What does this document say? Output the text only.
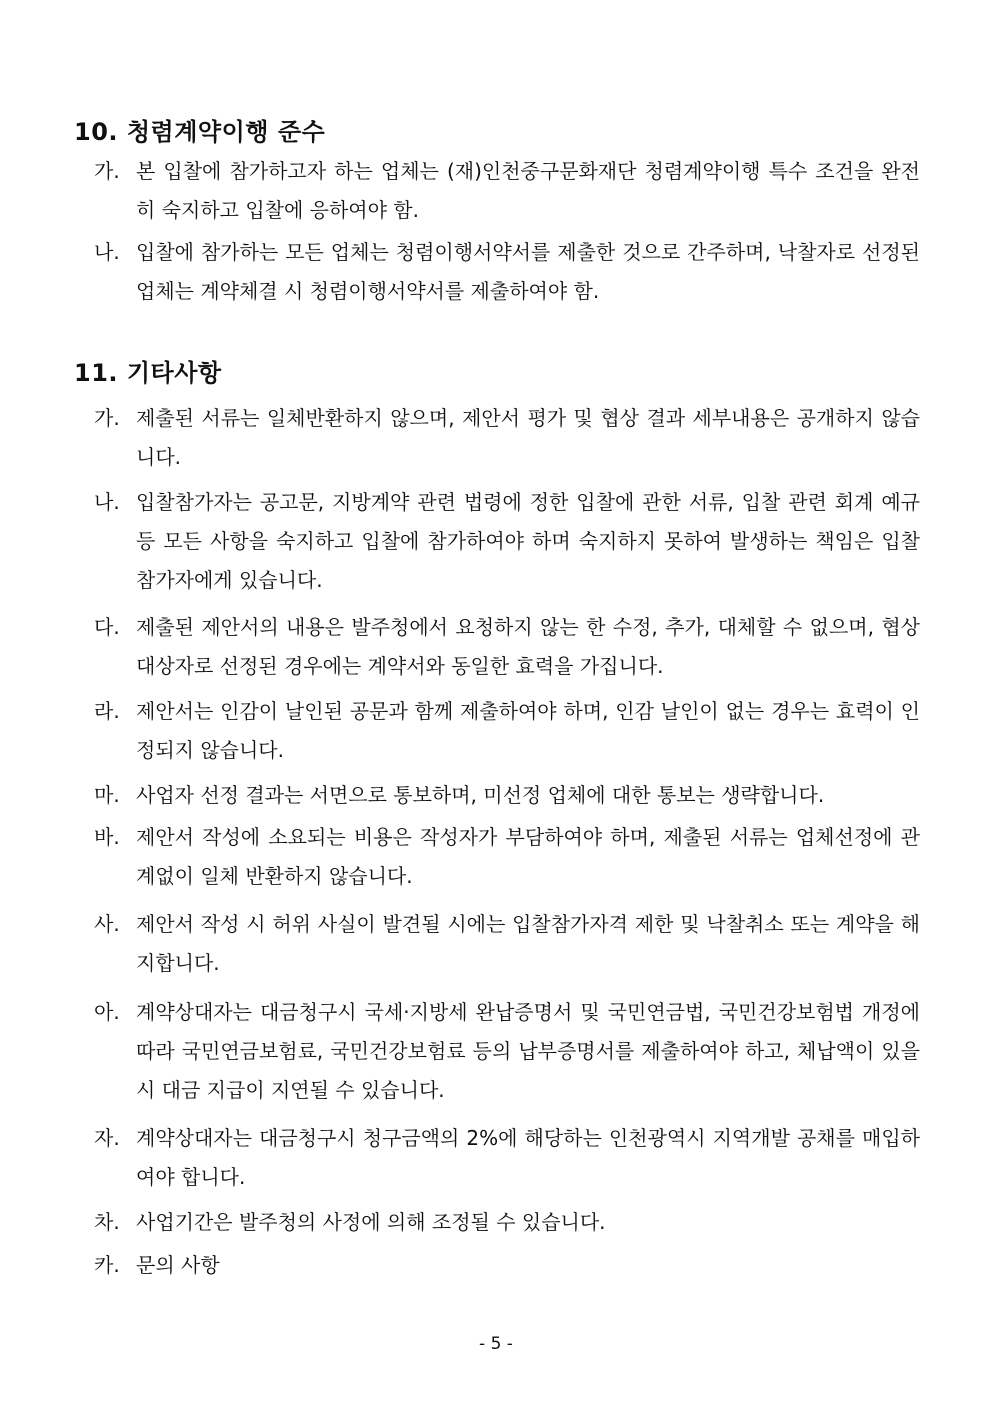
10. 청렴계약이행 준수
가. 본 입찰에 참가하고자 하는 업체는 (재)인천중구문화재단 청렴계약이행 특수 조건을 완전히 숙지하고 입찰에 응하여야 함.
나. 입찰에 참가하는 모든 업체는 청렴이행서약서를 제출한 것으로 간주하며, 낙찰자로 선정된 업체는 계약체결 시 청렴이행서약서를 제출하여야 함.
11. 기타사항
가. 제출된 서류는 일체반환하지 않으며, 제안서 평가 및 협상 결과 세부내용은 공개하지 않습니다.
나. 입찰참가자는 공고문, 지방계약 관련 법령에 정한 입찰에 관한 서류, 입찰 관련 회계 예규 등 모든 사항을 숙지하고 입찰에 참가하여야 하며 숙지하지 못하여 발생하는 책임은 입찰참가자에게 있습니다.
다. 제출된 제안서의 내용은 발주청에서 요청하지 않는 한 수정, 추가, 대체할 수 없으며, 협상대상자로 선정된 경우에는 계약서와 동일한 효력을 가집니다.
라. 제안서는 인감이 날인된 공문과 함께 제출하여야 하며, 인감 날인이 없는 경우는 효력이 인정되지 않습니다.
마. 사업자 선정 결과는 서면으로 통보하며, 미선정 업체에 대한 통보는 생략합니다.
바. 제안서 작성에 소요되는 비용은 작성자가 부담하여야 하며, 제출된 서류는 업체선정에 관계없이 일체 반환하지 않습니다.
사. 제안서 작성 시 허위 사실이 발견될 시에는 입찰참가자격 제한 및 낙찰취소 또는 계약을 해지합니다.
아. 계약상대자는 대금청구시 국세·지방세 완납증명서 및 국민연금법, 국민건강보험법 개정에 따라 국민연금보험료, 국민건강보험료 등의 납부증명서를 제출하여야 하고, 체납액이 있을 시 대금 지급이 지연될 수 있습니다.
자. 계약상대자는 대금청구시 청구금액의 2%에 해당하는 인천광역시 지역개발 공채를 매입하여야 합니다.
차. 사업기간은 발주청의 사정에 의해 조정될 수 있습니다.
카. 문의 사항
- 5 -
